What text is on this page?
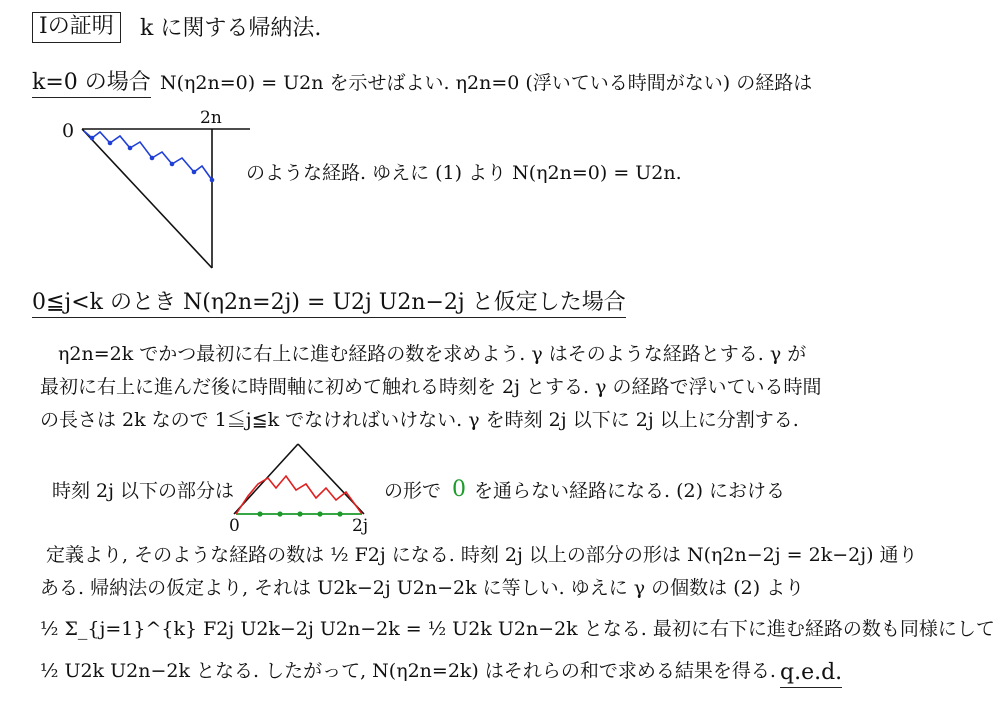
Ⅰの証明	k に関する帰納法.
k=0 の場合 N(η2n=0) = U2n を示せばよい. η2n=0 (浮いている時間がない) の経路は
0
2n
のような経路. ゆえに (1) より N(η2n=0) = U2n.
0≦j<k のとき N(η2n=2j) = U2j U2n−2j と仮定した場合
η2n=2k でかつ最初に右上に進む経路の数を求めよう. γ はそのような経路とする. γ が
最初に右上に進んだ後に時間軸に初めて触れる時刻を 2j とする. γ の経路で浮いている時間
の長さは 2k なので 1≦j≦k でなければいけない. γ を時刻 2j 以下に 2j 以上に分割する.
時刻 2j 以下の部分は
0	2j
の形で 0 を通らない経路になる. (2) における
定義より, そのような経路の数は ½ F2j になる. 時刻 2j 以上の部分の形は N(η2n−2j = 2k−2j) 通り
ある. 帰納法の仮定より, それは U2k−2j U2n−2k に等しい. ゆえに γ の個数は (2) より
½ Σ_{j=1}^{k} F2j U2k−2j U2n−2k = ½ U2k U2n−2k となる. 最初に右下に進む経路の数も同様にして
½ U2k U2n−2k となる. したがって, N(η2n=2k) はそれらの和で求める結果を得る. q.e.d.
